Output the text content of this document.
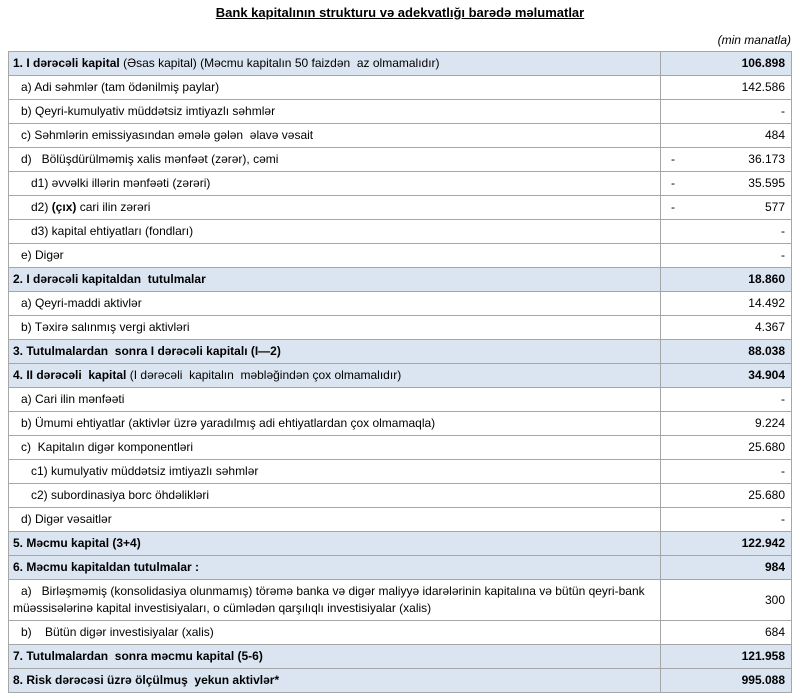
Bank kapitalının strukturu və adekvatlığı barədə məlumatlar
(min manatla)
1. I dərəcəli kapital (Əsas kapital) (Məcmu kapitalın 50 faizdən  az olmamalıdır)	106.898

a) Adi səhmlər (tam ödənilmiş paylar)	142.586

b) Qeyri-kumulyativ müddətsiz imtiyazlı səhmlər	-

c) Səhmlərin emissiyasından əmələ gələn  əlavə vəsait	484

d)   Bölüşdürülməmiş xalis mənfəət (zərər), cəmi	- 36.173

d1) əvvəlki illərin mənfəəti (zərəri)	- 35.595

d2) (çıx) cari ilin zərəri	- 577

d3) kapital ehtiyatları (fondları)	-

e) Digər	-

2. I dərəcəli kapitaldan  tutulmalar	18.860

a) Qeyri-maddi aktivlər	14.492

b) Təxirə salınmış vergi aktivləri	4.367

3. Tutulmalardan  sonra I dərəcəli kapitalı (I—2)	88.038

4. II dərəcəli  kapital (I dərəcəli  kapitalın  məbləğindən çox olmamalıdır)	34.904

a) Cari ilin mənfəəti	-

b) Ümumi ehtiyatlar (aktivlər üzrə yaradılmış adi ehtiyatlardan çox olmamaqla)	9.224

c)  Kapitalın digər komponentləri	25.680

c1) kumulyativ müddətsiz imtiyazlı səhmlər	-

c2) subordinasiya borc öhdəlikləri	25.680

d) Digər vəsaitlər	-

5. Məcmu kapital (3+4)	122.942

6. Məcmu kapitaldan tutulmalar :	984

a)   Birləşməmiş (konsolidasiya olunmamış) törəmə banka və digər maliyyə idarələrinin kapitalına və bütün qeyri-bank müəssisələrinə kapital investisiyaları, o cümlədən qarşılıqlı investisiyalar (xalis)	300

b)    Bütün digər investisiyalar (xalis)	684

7. Tutulmalardan  sonra məcmu kapital (5-6)	121.958

8. Risk dərəcəsi üzrə ölçülmuş  yekun aktivlər*	995.088
